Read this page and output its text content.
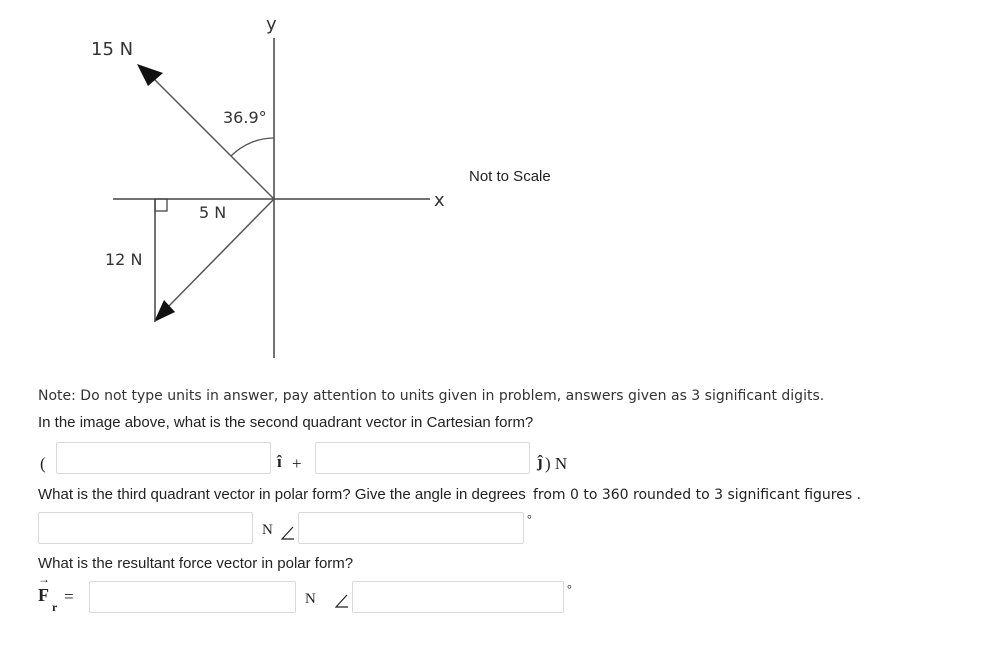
y
x
15 N
36.9°
5 N
12 N
Not to Scale
Note: Do not type units in answer, pay attention to units given in problem, answers given as 3 significant digits.
In the image above, what is the second quadrant vector in Cartesian form?
(	î +	ĵ ) N
What is the third quadrant vector in polar form? Give the angle in degrees from 0 to 360 rounded to 3 significant figures .
N
°
What is the resultant force vector in polar form?
→
F
r
=	N
°
